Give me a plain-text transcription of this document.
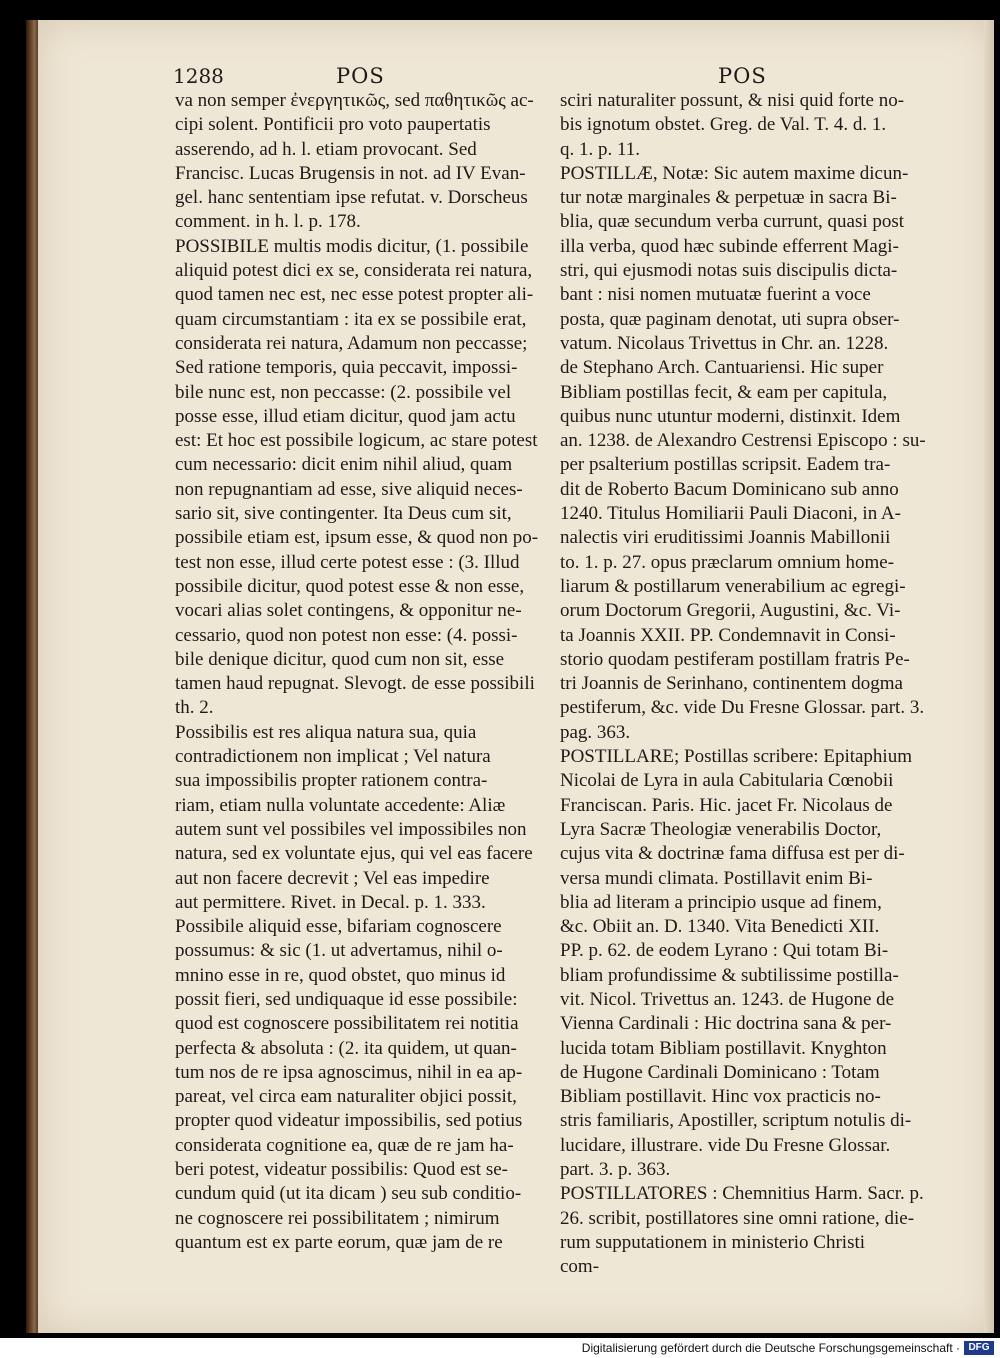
1288	POS	POS
va non semper ἐνεργητικῶς, sed παθητικῶς ac-
cipi solent. Pontificii pro voto paupertatis
asserendo, ad h. l. etiam provocant. Sed
Francisc. Lucas Brugensis in not. ad IV Evan-
gel. hanc sententiam ipse refutat. v. Dorscheus
comment. in h. l. p. 178.
POSSIBILE multis modis dicitur, (1. possibile
aliquid potest dici ex se, considerata rei natura,
quod tamen nec est, nec esse potest propter ali-
quam circumstantiam : ita ex se possibile erat,
considerata rei natura, Adamum non peccasse;
Sed ratione temporis, quia peccavit, impossi-
bile nunc est, non peccasse: (2. possibile vel
posse esse, illud etiam dicitur, quod jam actu
est: Et hoc est possibile logicum, ac stare potest
cum necessario: dicit enim nihil aliud, quam
non repugnantiam ad esse, sive aliquid neces-
sario sit, sive contingenter. Ita Deus cum sit,
possibile etiam est, ipsum esse, & quod non po-
test non esse, illud certe potest esse : (3. Illud
possibile dicitur, quod potest esse & non esse,
vocari alias solet contingens, & opponitur ne-
cessario, quod non potest non esse: (4. possi-
bile denique dicitur, quod cum non sit, esse
tamen haud repugnat. Slevogt. de esse possibili
th. 2.
Possibilis est res aliqua natura sua, quia
contradictionem non implicat ; Vel natura
sua impossibilis propter rationem contra-
riam, etiam nulla voluntate accedente: Aliæ
autem sunt vel possibiles vel impossibiles non
natura, sed ex voluntate ejus, qui vel eas facere
aut non facere decrevit ; Vel eas impedire
aut permittere. Rivet. in Decal. p. 1. 333.
Possibile aliquid esse, bifariam cognoscere
possumus: & sic (1. ut advertamus, nihil o-
mnino esse in re, quod obstet, quo minus id
possit fieri, sed undiquaque id esse possibile:
quod est cognoscere possibilitatem rei notitia
perfecta & absoluta : (2. ita quidem, ut quan-
tum nos de re ipsa agnoscimus, nihil in ea ap-
pareat, vel circa eam naturaliter objici possit,
propter quod videatur impossibilis, sed potius
considerata cognitione ea, quæ de re jam ha-
beri potest, videatur possibilis: Quod est se-
cundum quid (ut ita dicam ) seu sub conditio-
ne cognoscere rei possibilitatem ; nimirum
quantum est ex parte eorum, quæ jam de re
sciri naturaliter possunt, & nisi quid forte no-
bis ignotum obstet. Greg. de Val. T. 4. d. 1.
q. 1. p. 11.
POSTILLÆ, Notæ: Sic autem maxime dicun-
tur notæ marginales & perpetuæ in sacra Bi-
blia, quæ secundum verba currunt, quasi post
illa verba, quod hæc subinde efferrent Magi-
stri, qui ejusmodi notas suis discipulis dicta-
bant : nisi nomen mutuatæ fuerint a voce
posta, quæ paginam denotat, uti supra obser-
vatum. Nicolaus Trivettus in Chr. an. 1228.
de Stephano Arch. Cantuariensi. Hic super
Bibliam postillas fecit, & eam per capitula,
quibus nunc utuntur moderni, distinxit. Idem
an. 1238. de Alexandro Cestrensi Episcopo : su-
per psalterium postillas scripsit. Eadem tra-
dit de Roberto Bacum Dominicano sub anno
1240. Titulus Homiliarii Pauli Diaconi, in A-
nalectis viri eruditissimi Joannis Mabillonii
to. 1. p. 27. opus præclarum omnium home-
liarum & postillarum venerabilium ac egregi-
orum Doctorum Gregorii, Augustini, &c. Vi-
ta Joannis XXII. PP. Condemnavit in Consi-
storio quodam pestiferam postillam fratris Pe-
tri Joannis de Serinhano, continentem dogma
pestiferum, &c. vide Du Fresne Glossar. part. 3.
pag. 363.
POSTILLARE; Postillas scribere: Epitaphium
Nicolai de Lyra in aula Cabitularia Cœnobii
Franciscan. Paris. Hic. jacet Fr. Nicolaus de
Lyra Sacræ Theologiæ venerabilis Doctor,
cujus vita & doctrinæ fama diffusa est per di-
versa mundi climata. Postillavit enim Bi-
blia ad literam a principio usque ad finem,
&c. Obiit an. D. 1340. Vita Benedicti XII.
PP. p. 62. de eodem Lyrano : Qui totam Bi-
bliam profundissime & subtilissime postilla-
vit. Nicol. Trivettus an. 1243. de Hugone de
Vienna Cardinali : Hic doctrina sana & per-
lucida totam Bibliam postillavit. Knyghton
de Hugone Cardinali Dominicano : Totam
Bibliam postillavit. Hinc vox practicis no-
stris familiaris, Apostiller, scriptum notulis di-
lucidare, illustrare. vide Du Fresne Glossar.
part. 3. p. 363.
POSTILLATORES : Chemnitius Harm. Sacr. p.
26. scribit, postillatores sine omni ratione, die-
rum supputationem in ministerio Christi
com-
Digitalisierung gefördert durch die Deutsche Forschungsgemeinschaft · DFG
